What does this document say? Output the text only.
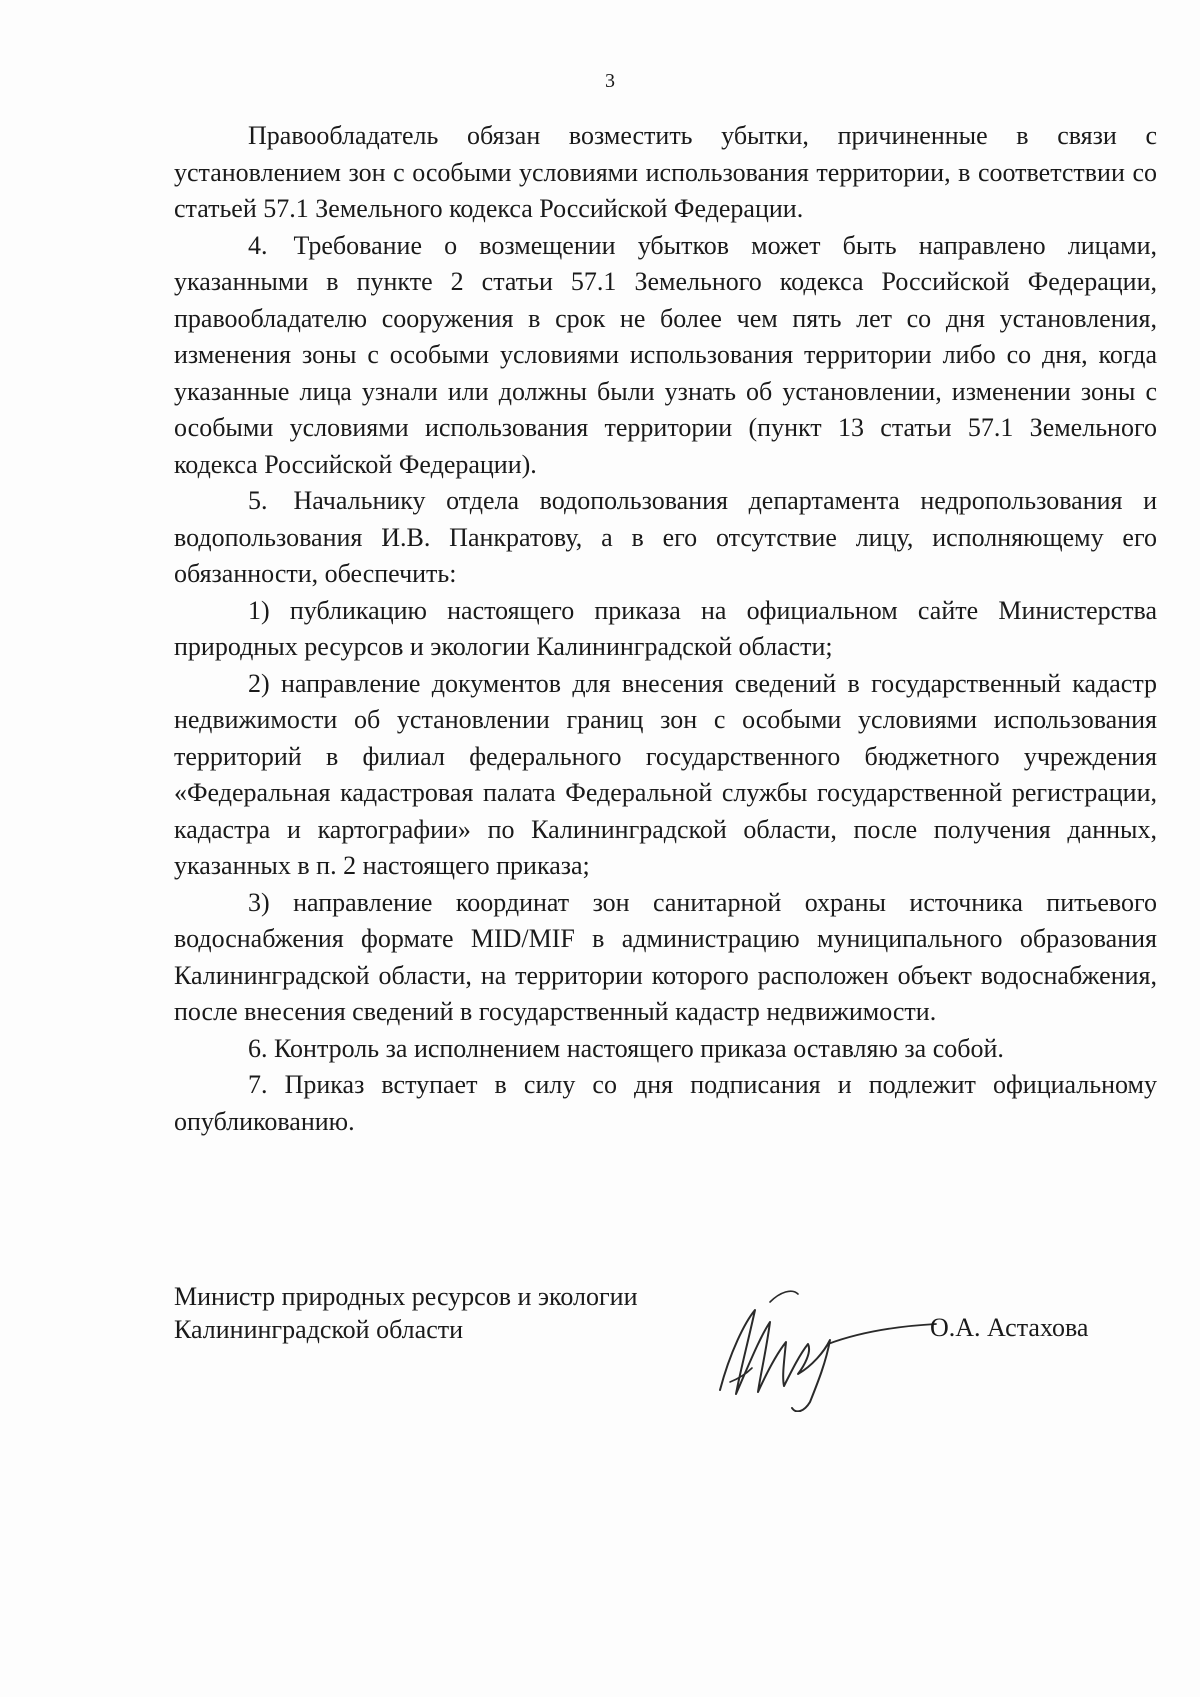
3

Правообладатель обязан возместить убытки, причиненные в связи с установлением зон с особыми условиями использования территории, в соответствии со статьей 57.1 Земельного кодекса Российской Федерации.

4. Требование о возмещении убытков может быть направлено лицами, указанными в пункте 2 статьи 57.1 Земельного кодекса Российской Федерации, правообладателю сооружения в срок не более чем пять лет со дня установления, изменения зоны с особыми условиями использования территории либо со дня, когда указанные лица узнали или должны были узнать об установлении, изменении зоны с особыми условиями использования территории (пункт 13 статьи 57.1 Земельного кодекса Российской Федерации).

5. Начальнику отдела водопользования департамента недропользования и водопользования И.В. Панкратову, а в его отсутствие лицу, исполняющему его обязанности, обеспечить:

1) публикацию настоящего приказа на официальном сайте Министерства природных ресурсов и экологии Калининградской области;

2) направление документов для внесения сведений в государственный кадастр недвижимости об установлении границ зон с особыми условиями использования территорий в филиал федерального государственного бюджетного учреждения «Федеральная кадастровая палата Федеральной службы государственной регистрации, кадастра и картографии» по Калининградской области, после получения данных, указанных в п. 2 настоящего приказа;

3) направление координат зон санитарной охраны источника питьевого водоснабжения формате MID/MIF в администрацию муниципального образования Калининградской области, на территории которого расположен объект водоснабжения, после внесения сведений в государственный кадастр недвижимости.

6. Контроль за исполнением настоящего приказа оставляю за собой.

7. Приказ вступает в силу со дня подписания и подлежит официальному опубликованию.

Министр природных ресурсов и экологии
Калининградской области	О.А. Астахова
